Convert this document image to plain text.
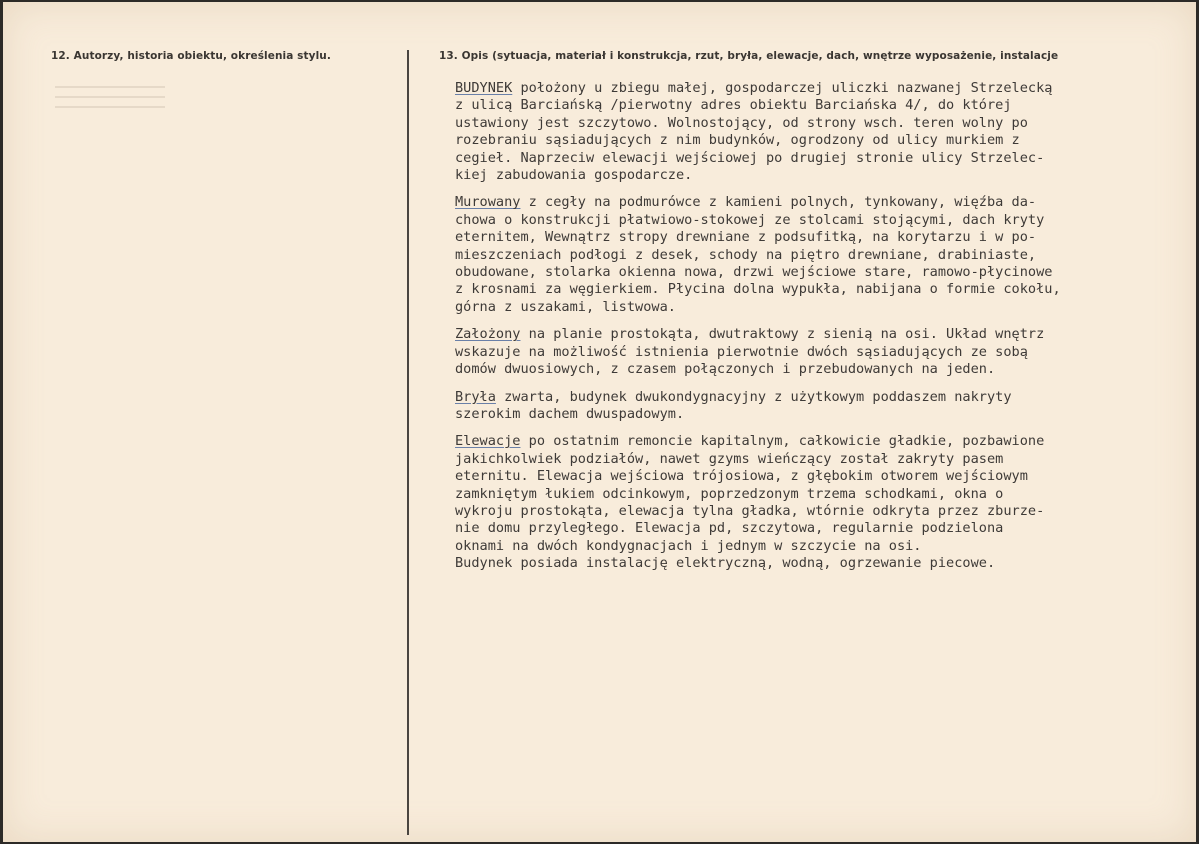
12. Autorzy, historia obiektu, określenia stylu.	13. Opis (sytuacja, materiał i konstrukcja, rzut, bryła, elewacje, dach, wnętrze wyposażenie, instalacje
BUDYNEK położony u zbiegu małej, gospodarczej uliczki nazwanej Strzelecką
z ulicą Barciańską /pierwotny adres obiektu Barciańska 4/, do której
ustawiony jest szczytowo. Wolnostojący, od strony wsch. teren wolny po
rozebraniu sąsiadujących z nim budynków, ogrodzony od ulicy murkiem z
cegieł. Naprzeciw elewacji wejściowej po drugiej stronie ulicy Strzelec-
kiej zabudowania gospodarcze.
Murowany z cegły na podmurówce z kamieni polnych, tynkowany, więźba da-
chowa o konstrukcji płatwiowo-stokowej ze stolcami stojącymi, dach kryty
eternitem, Wewnątrz stropy drewniane z podsufitką, na korytarzu i w po-
mieszczeniach podłogi z desek, schody na piętro drewniane, drabiniaste,
obudowane, stolarka okienna nowa, drzwi wejściowe stare, ramowo-płycinowe
z krosnami za węgierkiem. Płycina dolna wypukła, nabijana o formie cokołu,
górna z uszakami, listwowa.
Założony na planie prostokąta, dwutraktowy z sienią na osi. Układ wnętrz
wskazuje na możliwość istnienia pierwotnie dwóch sąsiadujących ze sobą
domów dwuosiowych, z czasem połączonych i przebudowanych na jeden.
Bryła zwarta, budynek dwukondygnacyjny z użytkowym poddaszem nakryty
szerokim dachem dwuspadowym.
Elewacje po ostatnim remoncie kapitalnym, całkowicie gładkie, pozbawione
jakichkolwiek podziałów, nawet gzyms wieńczący został zakryty pasem
eternitu. Elewacja wejściowa trójosiowa, z głębokim otworem wejściowym
zamkniętym łukiem odcinkowym, poprzedzonym trzema schodkami, okna o
wykroju prostokąta, elewacja tylna gładka, wtórnie odkryta przez zburze-
nie domu przyległego. Elewacja pd, szczytowa, regularnie podzielona
oknami na dwóch kondygnacjach i jednym w szczycie na osi.
Budynek posiada instalację elektryczną, wodną, ogrzewanie piecowe.
